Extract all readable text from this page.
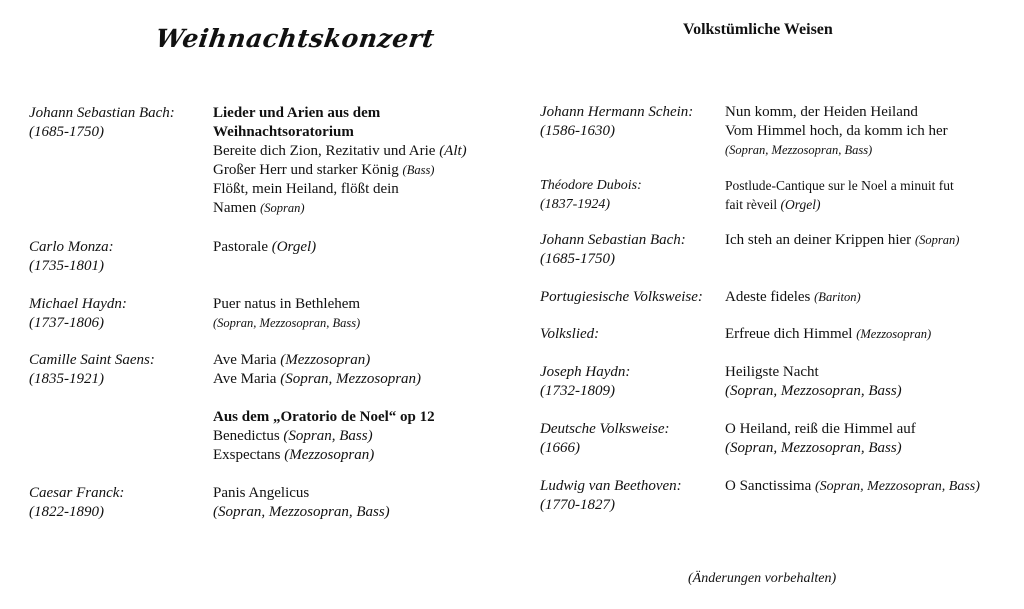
Weihnachtskonzert	Volkstümliche Weisen
Johann Sebastian Bach:
(1685-1750)
Carlo Monza:
(1735-1801)
Michael Haydn:
(1737-1806)
Camille Saint Saens:
(1835-1921)
Caesar Franck:
(1822-1890)
Lieder und Arien aus dem
Weihnachtsoratorium
Bereite dich Zion, Rezitativ und Arie (Alt)
Großer Herr und starker König (Bass)
Flößt, mein Heiland, flößt dein
Namen (Sopran)
Pastorale (Orgel)
Puer natus in Bethlehem
(Sopran, Mezzosopran, Bass)
Ave Maria (Mezzosopran)
Ave Maria (Sopran, Mezzosopran)
Aus dem „Oratorio de Noel“ op 12
Benedictus (Sopran, Bass)
Exspectans (Mezzosopran)
Panis Angelicus
(Sopran, Mezzosopran, Bass)
Johann Hermann Schein:
(1586-1630)
Théodore Dubois:
(1837-1924)
Johann Sebastian Bach:
(1685-1750)
Portugiesische Volksweise:
Volkslied:
Joseph Haydn:
(1732-1809)
Deutsche Volksweise:
(1666)
Ludwig van Beethoven:
(1770-1827)
Nun komm, der Heiden Heiland
Vom Himmel hoch, da komm ich her
(Sopran, Mezzosopran, Bass)
Postlude-Cantique sur le Noel a minuit fut
fait rèveil (Orgel)
Ich steh an deiner Krippen hier (Sopran)
Adeste fideles (Bariton)
Erfreue dich Himmel (Mezzosopran)
Heiligste Nacht
(Sopran, Mezzosopran, Bass)
O Heiland, reiß die Himmel auf
(Sopran, Mezzosopran, Bass)
O Sanctissima (Sopran, Mezzosopran, Bass)
(Änderungen vorbehalten)
